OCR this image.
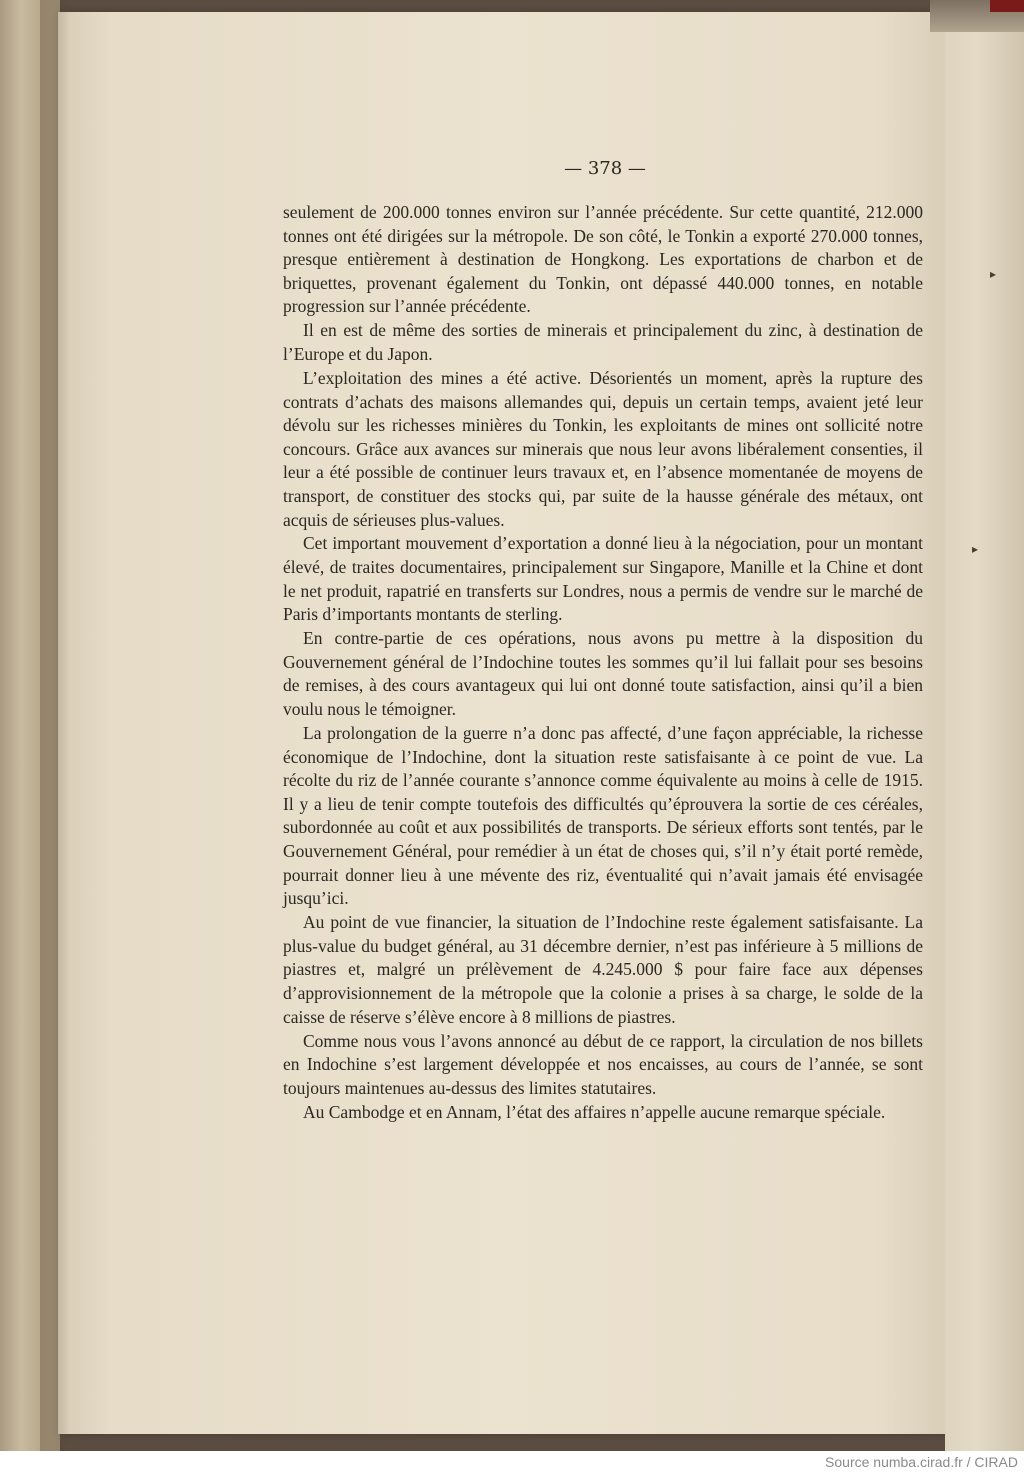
▸
▸
— 378 —

seulement de 200.000 tonnes environ sur l’année précédente. Sur cette quantité, 212.000 tonnes ont été dirigées sur la métropole. De son côté, le Tonkin a exporté 270.000 tonnes, presque entièrement à destination de Hongkong. Les exportations de charbon et de briquettes, provenant également du Tonkin, ont dépassé 440.000 tonnes, en notable progression sur l’année précédente.

Il en est de même des sorties de minerais et principalement du zinc, à destination de l’Europe et du Japon.

L’exploitation des mines a été active. Désorientés un moment, après la rupture des contrats d’achats des maisons allemandes qui, depuis un certain temps, avaient jeté leur dévolu sur les richesses minières du Tonkin, les exploitants de mines ont sollicité notre concours. Grâce aux avances sur minerais que nous leur avons libéralement consenties, il leur a été possible de continuer leurs travaux et, en l’absence momentanée de moyens de transport, de constituer des stocks qui, par suite de la hausse générale des métaux, ont acquis de sérieuses plus-values.

Cet important mouvement d’exportation a donné lieu à la négociation, pour un montant élevé, de traites documentaires, principalement sur Singapore, Manille et la Chine et dont le net produit, rapatrié en transferts sur Londres, nous a permis de vendre sur le marché de Paris d’importants montants de sterling.

En contre-partie de ces opérations, nous avons pu mettre à la disposition du Gouvernement général de l’Indochine toutes les sommes qu’il lui fallait pour ses besoins de remises, à des cours avantageux qui lui ont donné toute satisfaction, ainsi qu’il a bien voulu nous le témoigner.

La prolongation de la guerre n’a donc pas affecté, d’une façon appréciable, la richesse économique de l’Indochine, dont la situation reste satisfaisante à ce point de vue. La récolte du riz de l’année courante s’annonce comme équivalente au moins à celle de 1915. Il y a lieu de tenir compte toutefois des difficultés qu’éprouvera la sortie de ces céréales, subordonnée au coût et aux possibilités de transports. De sérieux efforts sont tentés, par le Gouvernement Général, pour remédier à un état de choses qui, s’il n’y était porté remède, pourrait donner lieu à une mévente des riz, éventualité qui n’avait jamais été envisagée jusqu’ici.

Au point de vue financier, la situation de l’Indochine reste également satisfaisante. La plus-value du budget général, au 31 décembre dernier, n’est pas inférieure à 5 millions de piastres et, malgré un prélèvement de 4.245.000 $ pour faire face aux dépenses d’approvisionnement de la métropole que la colonie a prises à sa charge, le solde de la caisse de réserve s’élève encore à 8 millions de piastres.

Comme nous vous l’avons annoncé au début de ce rapport, la circulation de nos billets en Indochine s’est largement développée et nos encaisses, au cours de l’année, se sont toujours maintenues au-dessus des limites statutaires.

Au Cambodge et en Annam, l’état des affaires n’appelle aucune remarque spéciale.

Source numba.cirad.fr / CIRAD
